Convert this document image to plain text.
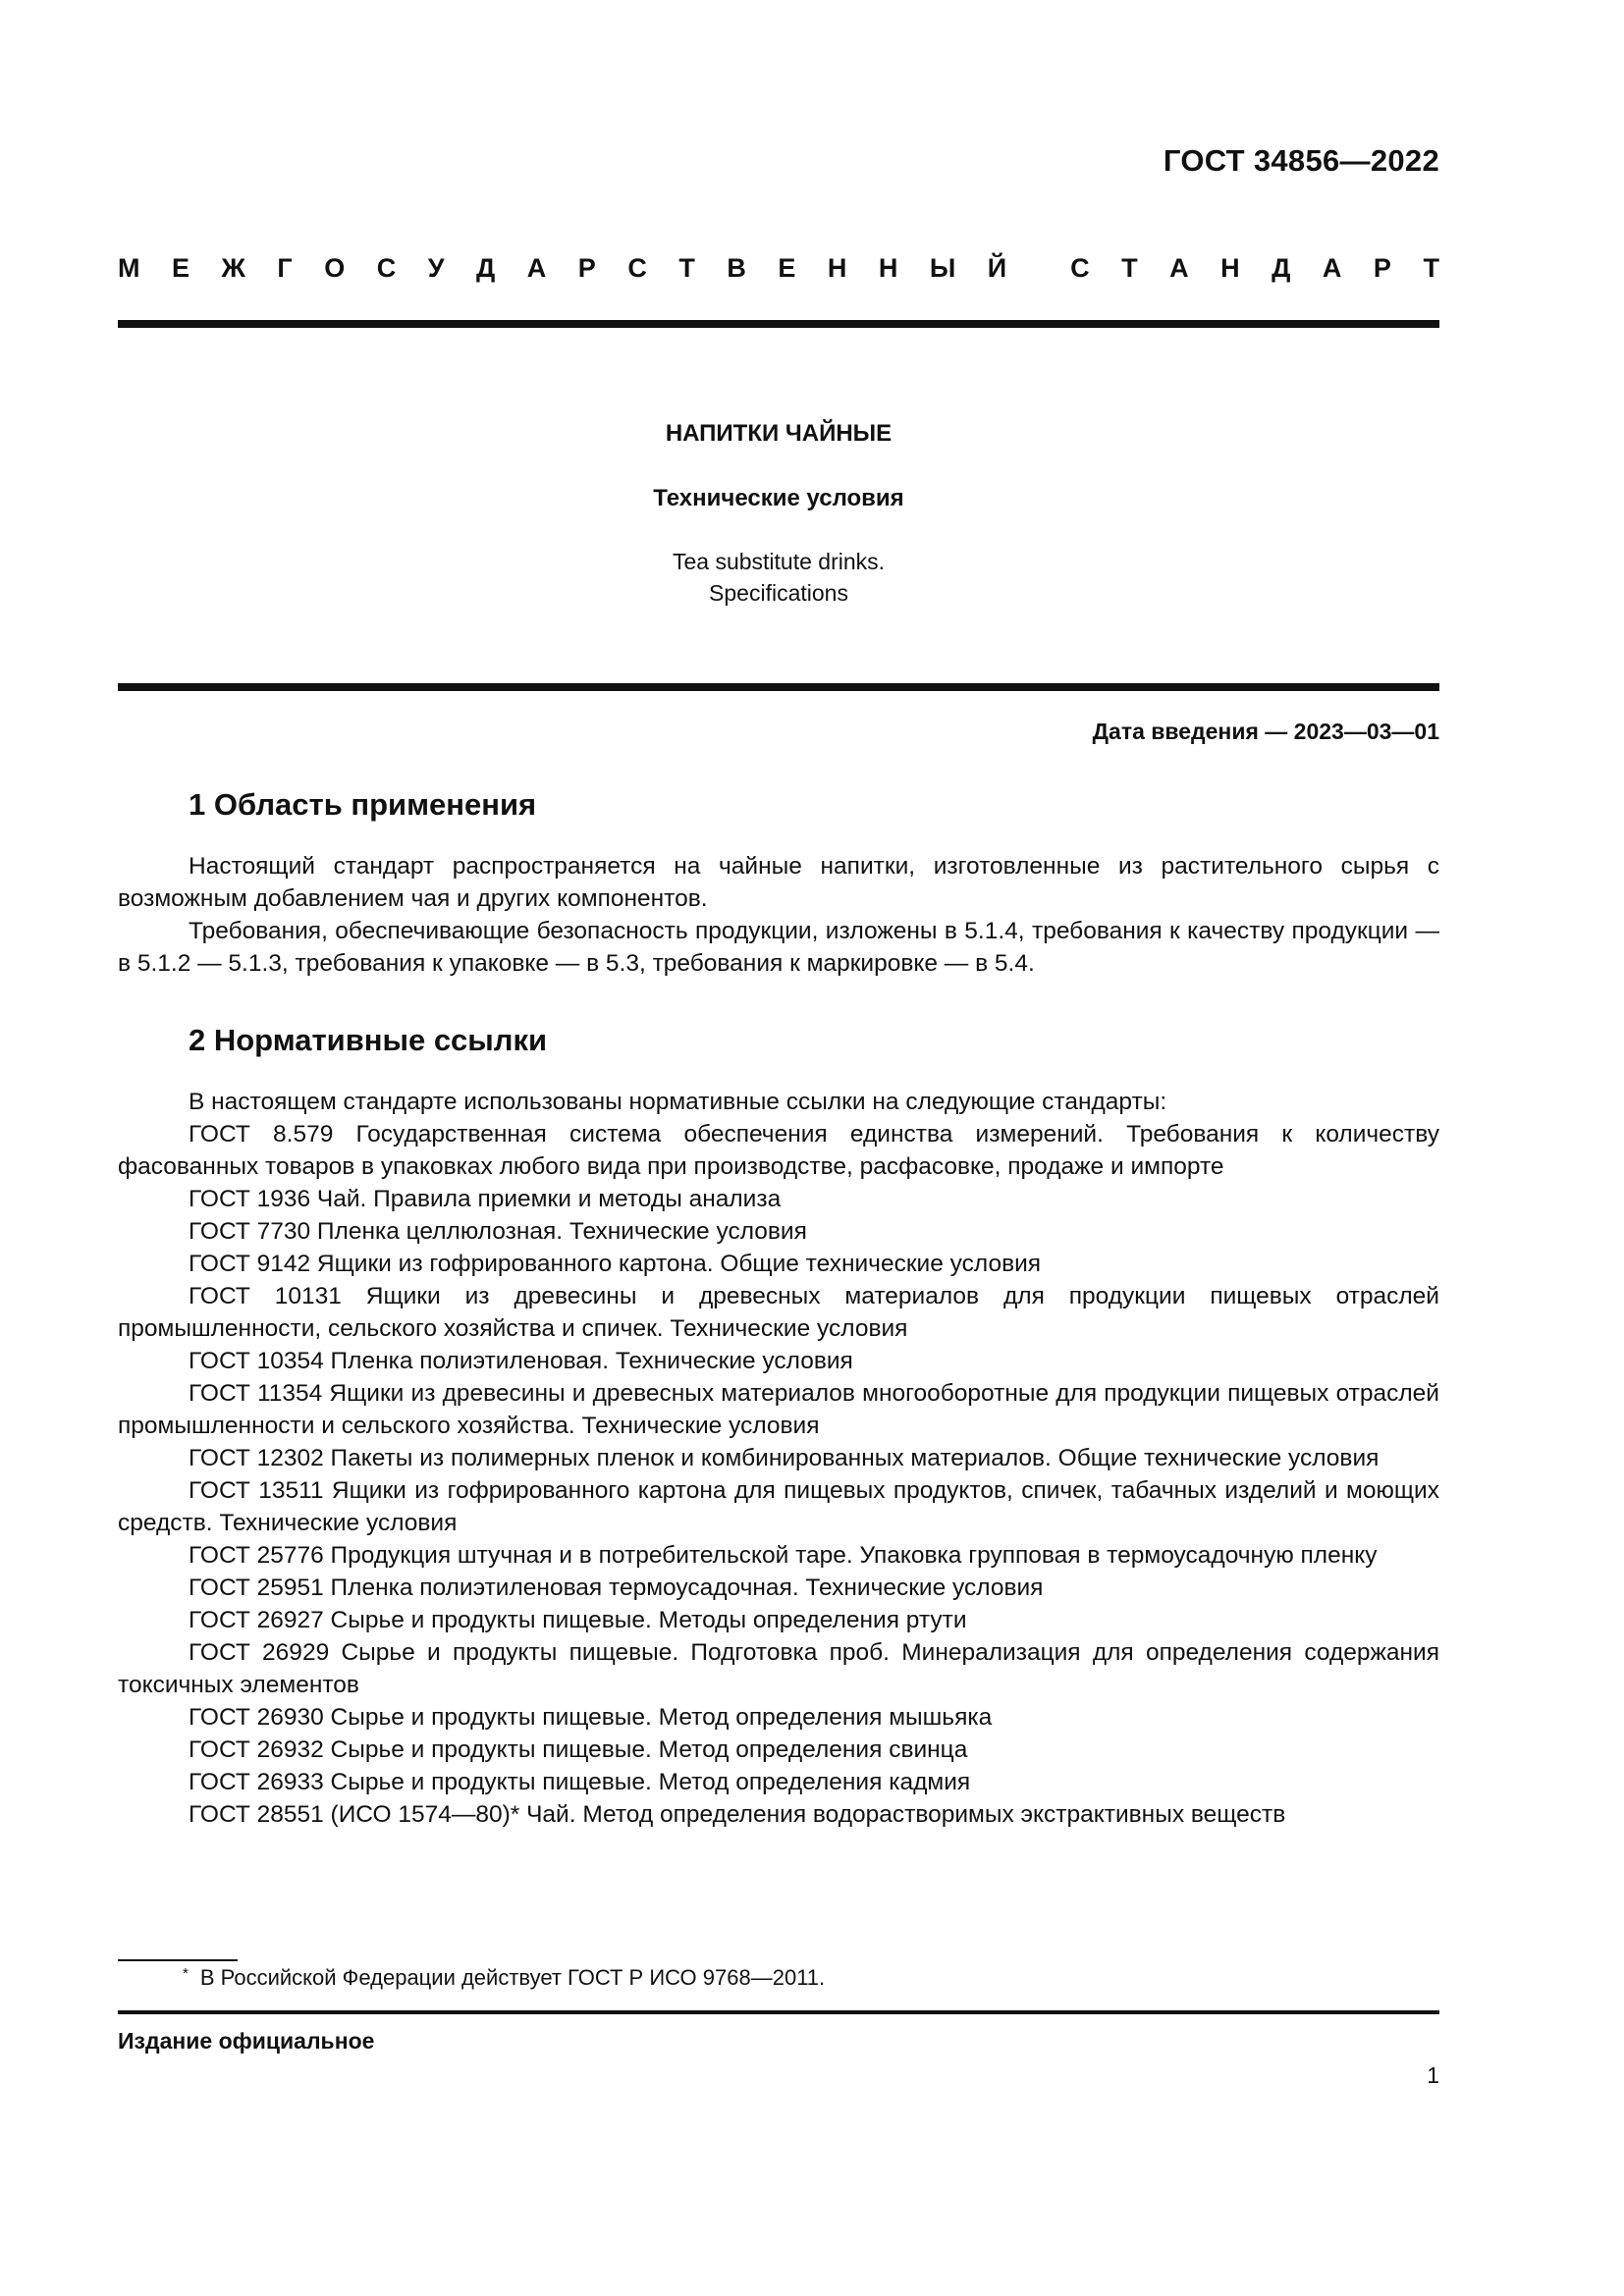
ГОСТ 34856—2022
М Е Ж Г О С У Д А Р С Т В Е Н Н Ы Й С Т А Н Д А Р Т
НАПИТКИ ЧАЙНЫЕ
Технические условия
Tea substitute drinks.
Specifications
Дата введения — 2023—03—01
1 Область применения

Настоящий стандарт распространяется на чайные напитки, изготовленные из растительного сырья с возможным добавлением чая и других компонентов.

Требования, обеспечивающие безопасность продукции, изложены в 5.1.4, требования к качеству продукции — в 5.1.2 — 5.1.3, требования к упаковке — в 5.3, требования к маркировке — в 5.4.

2 Нормативные ссылки

В настоящем стандарте использованы нормативные ссылки на следующие стандарты:

ГОСТ 8.579 Государственная система обеспечения единства измерений. Требования к количеству фасованных товаров в упаковках любого вида при производстве, расфасовке, продаже и импорте

ГОСТ 1936 Чай. Правила приемки и методы анализа

ГОСТ 7730 Пленка целлюлозная. Технические условия

ГОСТ 9142 Ящики из гофрированного картона. Общие технические условия

ГОСТ 10131 Ящики из древесины и древесных материалов для продукции пищевых отраслей промышленности, сельского хозяйства и спичек. Технические условия

ГОСТ 10354 Пленка полиэтиленовая. Технические условия

ГОСТ 11354 Ящики из древесины и древесных материалов многооборотные для продукции пищевых отраслей промышленности и сельского хозяйства. Технические условия

ГОСТ 12302 Пакеты из полимерных пленок и комбинированных материалов. Общие технические условия

ГОСТ 13511 Ящики из гофрированного картона для пищевых продуктов, спичек, табачных изделий и моющих средств. Технические условия

ГОСТ 25776 Продукция штучная и в потребительской таре. Упаковка групповая в термоусадочную пленку

ГОСТ 25951 Пленка полиэтиленовая термоусадочная. Технические условия

ГОСТ 26927 Сырье и продукты пищевые. Методы определения ртути

ГОСТ 26929 Сырье и продукты пищевые. Подготовка проб. Минерализация для определения содержания токсичных элементов

ГОСТ 26930 Сырье и продукты пищевые. Метод определения мышьяка

ГОСТ 26932 Сырье и продукты пищевые. Метод определения свинца

ГОСТ 26933 Сырье и продукты пищевые. Метод определения кадмия

ГОСТ 28551 (ИСО 1574—80)* Чай. Метод определения водорастворимых экстрактивных веществ

* В Российской Федерации действует ГОСТ Р ИСО 9768—2011.
Издание официальное
1
